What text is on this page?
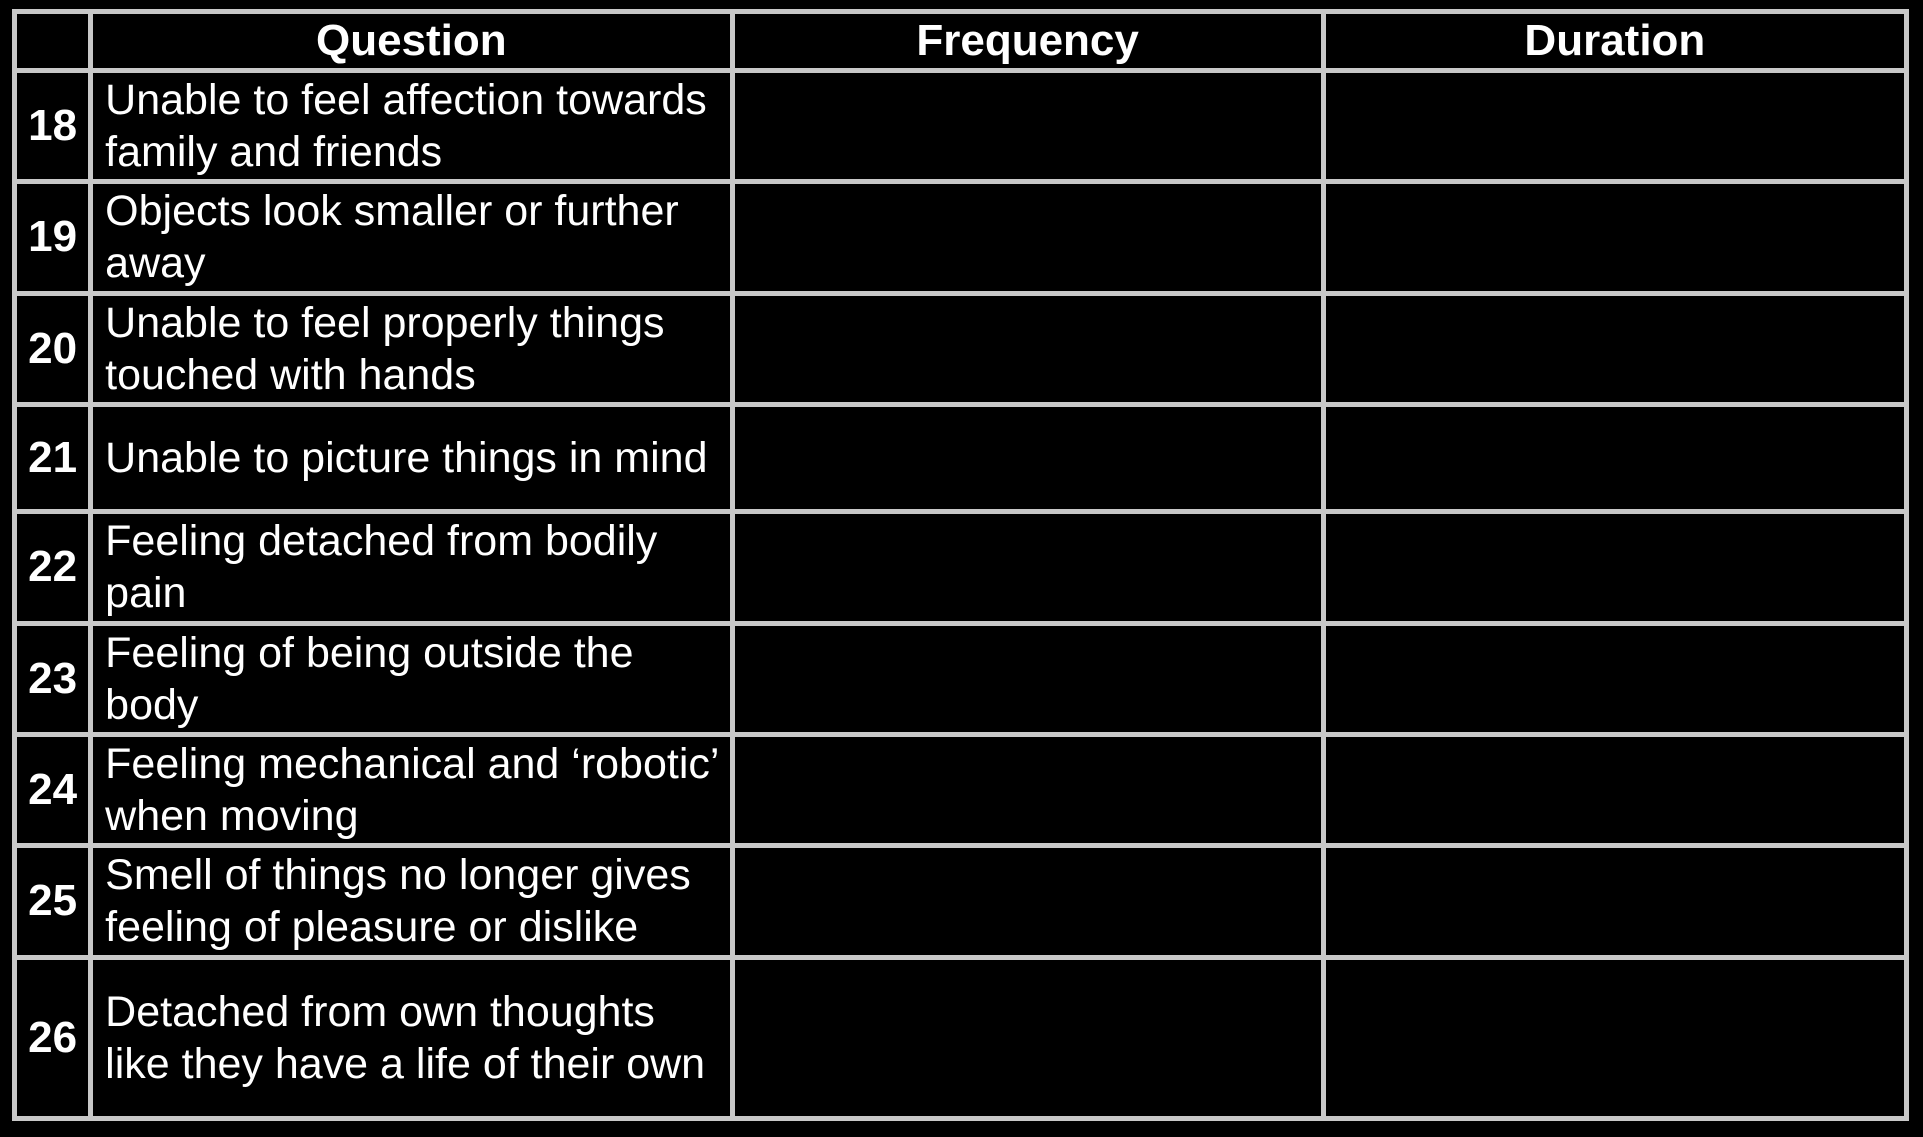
	Question	Frequency	Duration
18	Unable to feel affection towards family and friends		
19	Objects look smaller or further away		
20	Unable to feel properly things touched with hands		
21	Unable to picture things in mind		
22	Feeling detached from bodily pain		
23	Feeling of being outside the body		
24	Feeling mechanical and ‘robotic’ when moving		
25	Smell of things no longer gives feeling of pleasure or dislike		
26	Detached from own thoughts like they have a life of their own		
